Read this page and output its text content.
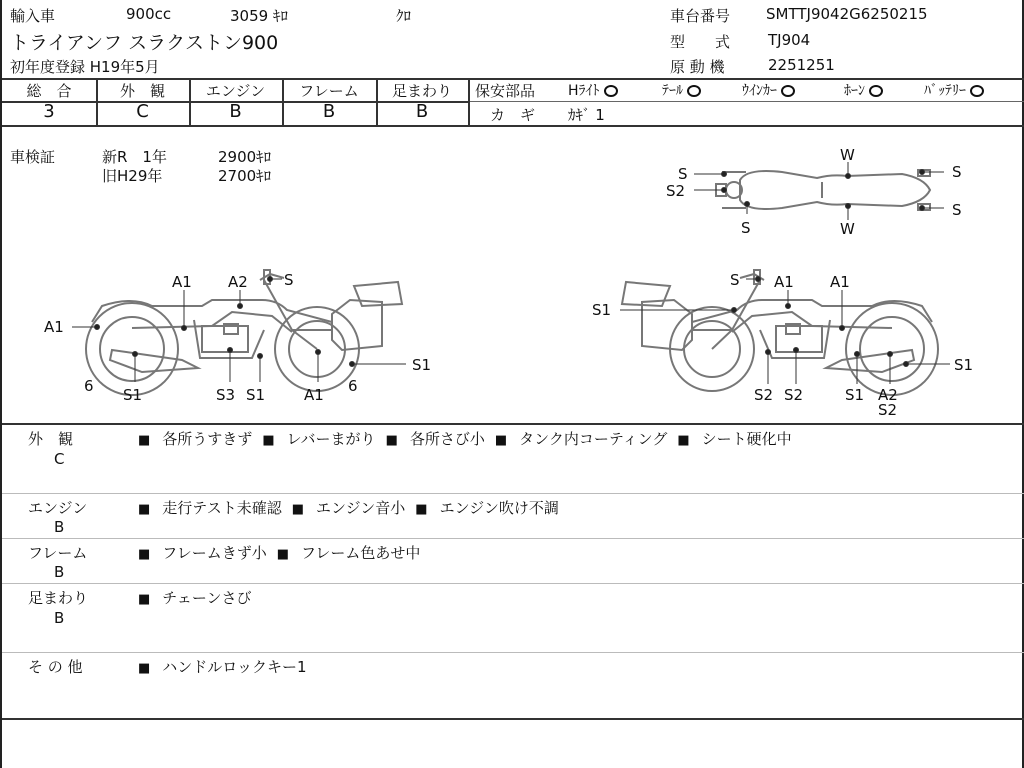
輸入車	900cc	3059 ｷﾛ	ｸﾛ
トライアンフ スラクストン900
初年度登録 H19年5月
車台番号 SMTTJ9042G6250215
型　　式	TJ904
原 動 機	2251251
総　合	外　観	エンジン	フレーム	足まわり
3	C	B	B	B
保安部品 Hﾗｲﾄ	ﾃｰﾙ	ｳｲﾝｶｰ	ﾎｰﾝ	ﾊﾞｯﾃﾘｰ
カ　ギ ｶｷﾞ 1
車検証	新R　1年	2900ｷﾛ
旧H29年	2700ｷﾛ	S
S2
S
W
W
S
S
A1 A2 S
A1
6 S1	S3 S1	A1 6
S1
S A1 A1
S1
S1
S2 S2	S1 A2
S2
外　観
C
■ 各所うすきず	■ レバーまがり	■ 各所さび小	■ タンク内コーティング	■ シート硬化中
エンジン
B
■ 走行テスト未確認	■ エンジン音小	■ エンジン吹け不調
フレーム
B
■ フレームきず小	■ フレーム色あせ中
足まわり
B
■ チェーンさび
そ の 他	■ ハンドルロックキー1
